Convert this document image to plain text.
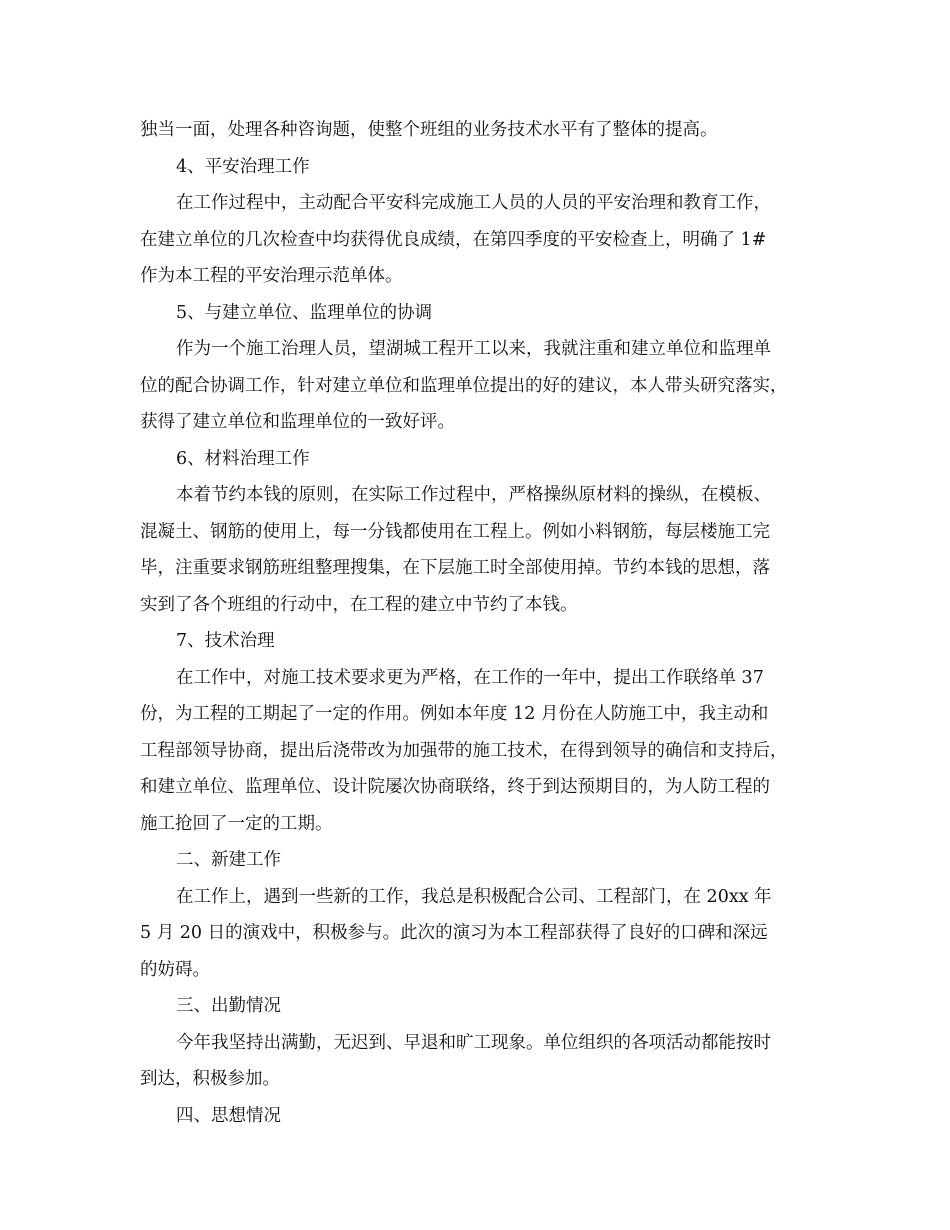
独当一面，处理各种咨询题，使整个班组的业务技术水平有了整体的提高。
4、平安治理工作
在工作过程中，主动配合平安科完成施工人员的人员的平安治理和教育工作，
在建立单位的几次检查中均获得优良成绩，在第四季度的平安检查上，明确了 1#
作为本工程的平安治理示范单体。
5、与建立单位、监理单位的协调
作为一个施工治理人员，望湖城工程开工以来，我就注重和建立单位和监理单
位的配合协调工作，针对建立单位和监理单位提出的好的建议，本人带头研究落实，
获得了建立单位和监理单位的一致好评。
6、材料治理工作
本着节约本钱的原则，在实际工作过程中，严格操纵原材料的操纵，在模板、
混凝土、钢筋的使用上，每一分钱都使用在工程上。例如小料钢筋，每层楼施工完
毕，注重要求钢筋班组整理搜集，在下层施工时全部使用掉。节约本钱的思想，落
实到了各个班组的行动中，在工程的建立中节约了本钱。
7、技术治理
在工作中，对施工技术要求更为严格，在工作的一年中，提出工作联络单 37
份，为工程的工期起了一定的作用。例如本年度 12 月份在人防施工中，我主动和
工程部领导协商，提出后浇带改为加强带的施工技术，在得到领导的确信和支持后，
和建立单位、监理单位、设计院屡次协商联络，终于到达预期目的，为人防工程的
施工抢回了一定的工期。
二、新建工作
在工作上，遇到一些新的工作，我总是积极配合公司、工程部门，在 20xx 年
5 月 20 日的演戏中，积极参与。此次的演习为本工程部获得了良好的口碑和深远
的妨碍。
三、出勤情况
今年我坚持出满勤，无迟到、早退和旷工现象。单位组织的各项活动都能按时
到达，积极参加。
四、思想情况
